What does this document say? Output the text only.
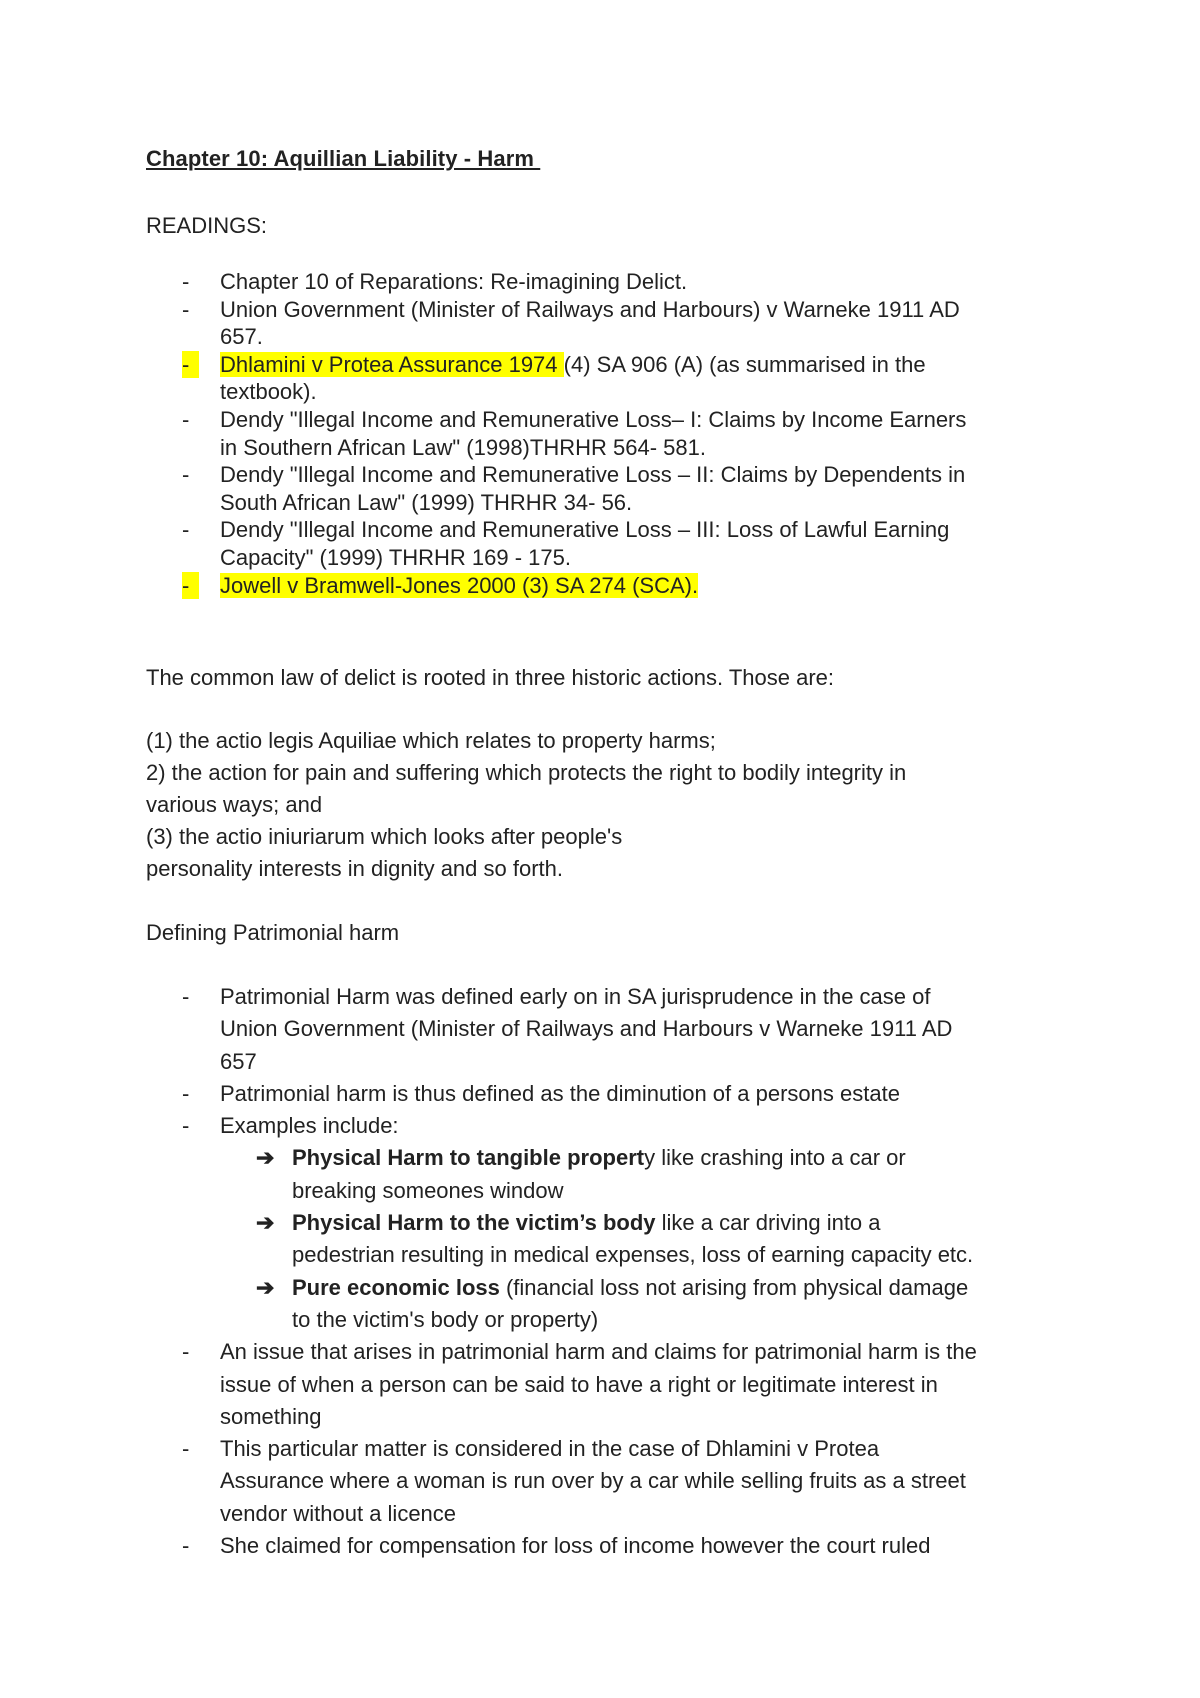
Chapter 10: Aquillian Liability - Harm
READINGS:
- Chapter 10 of Reparations: Re-imagining Delict.
- Union Government (Minister of Railways and Harbours) v Warneke 1911 AD
657.
-	Dhlamini v Protea Assurance 1974 (4) SA 906 (A) (as summarised in the
textbook).
- Dendy "Illegal Income and Remunerative Loss– I: Claims by Income Earners
in Southern African Law" (1998)THRHR 564- 581.
- Dendy "Illegal Income and Remunerative Loss – II: Claims by Dependents in
South African Law" (1999) THRHR 34- 56.
- Dendy "Illegal Income and Remunerative Loss – III: Loss of Lawful Earning
Capacity" (1999) THRHR 169 - 175.
-	Jowell v Bramwell-Jones 2000 (3) SA 274 (SCA).
The common law of delict is rooted in three historic actions. Those are:
(1) the actio legis Aquiliae which relates to property harms;
2) the action for pain and suffering which protects the right to bodily integrity in
various ways; and
(3) the actio iniuriarum which looks after people's
personality interests in dignity and so forth.
Defining Patrimonial harm
- Patrimonial Harm was defined early on in SA jurisprudence in the case of
Union Government (Minister of Railways and Harbours v Warneke 1911 AD
657
- Patrimonial harm is thus defined as the diminution of a persons estate
- Examples include:
➔ Physical Harm to tangible property like crashing into a car or
breaking someones window
➔ Physical Harm to the victim’s body like a car driving into a
pedestrian resulting in medical expenses, loss of earning capacity etc.
➔ Pure economic loss (financial loss not arising from physical damage
to the victim's body or property)
- An issue that arises in patrimonial harm and claims for patrimonial harm is the
issue of when a person can be said to have a right or legitimate interest in
something
- This particular matter is considered in the case of Dhlamini v Protea
Assurance where a woman is run over by a car while selling fruits as a street
vendor without a licence
- She claimed for compensation for loss of income however the court ruled
